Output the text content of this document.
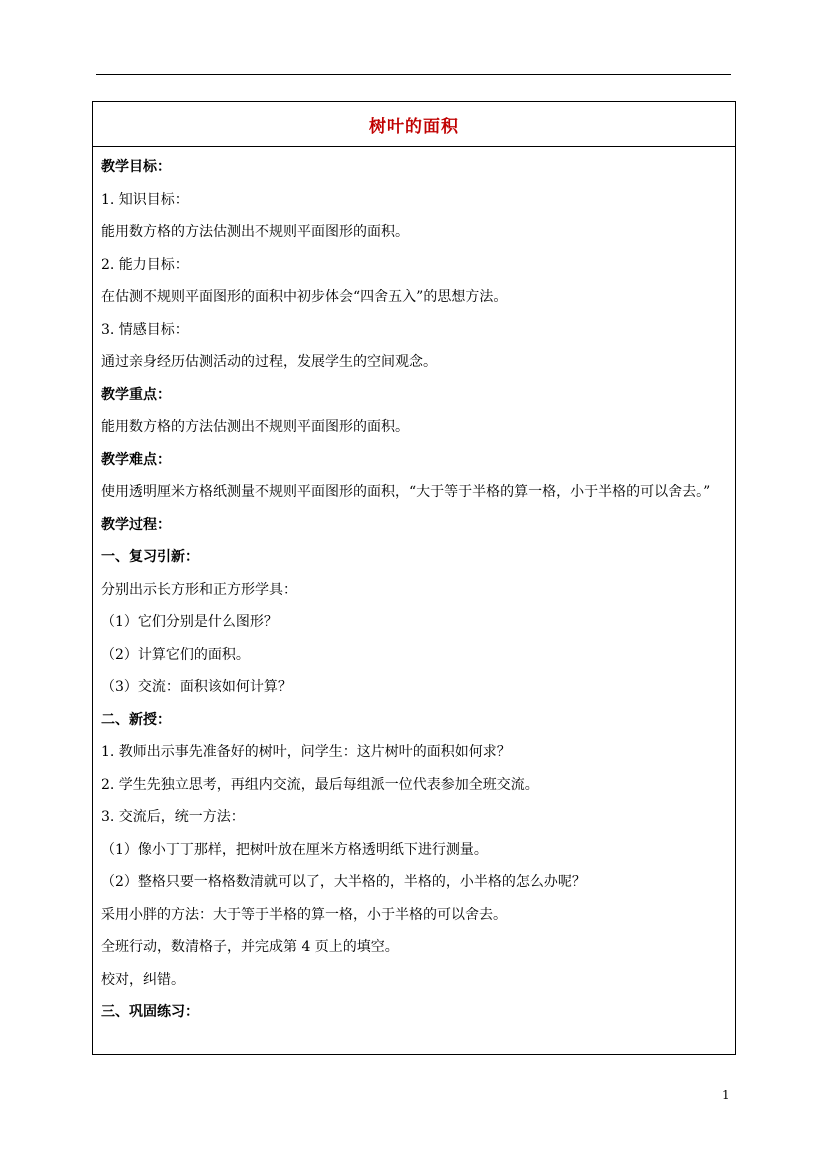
树叶的面积
教学目标：
1. 知识目标：
能用数方格的方法估测出不规则平面图形的面积。
2. 能力目标：
在估测不规则平面图形的面积中初步体会“四舍五入”的思想方法。
3. 情感目标：
通过亲身经历估测活动的过程，发展学生的空间观念。
教学重点：
能用数方格的方法估测出不规则平面图形的面积。
教学难点：
使用透明厘米方格纸测量不规则平面图形的面积，“大于等于半格的算一格，小于半格的可以舍去。”
教学过程：
一、复习引新：
分别出示长方形和正方形学具：
（1）它们分别是什么图形？
（2）计算它们的面积。
（3）交流：面积该如何计算？
二、新授：
1. 教师出示事先准备好的树叶，问学生：这片树叶的面积如何求？
2. 学生先独立思考，再组内交流，最后每组派一位代表参加全班交流。
3. 交流后，统一方法：
（1）像小丁丁那样，把树叶放在厘米方格透明纸下进行测量。
（2）整格只要一格格数清就可以了，大半格的，半格的，小半格的怎么办呢？
采用小胖的方法：大于等于半格的算一格，小于半格的可以舍去。
全班行动，数清格子，并完成第 4 页上的填空。
校对，纠错。
三、巩固练习：
1
